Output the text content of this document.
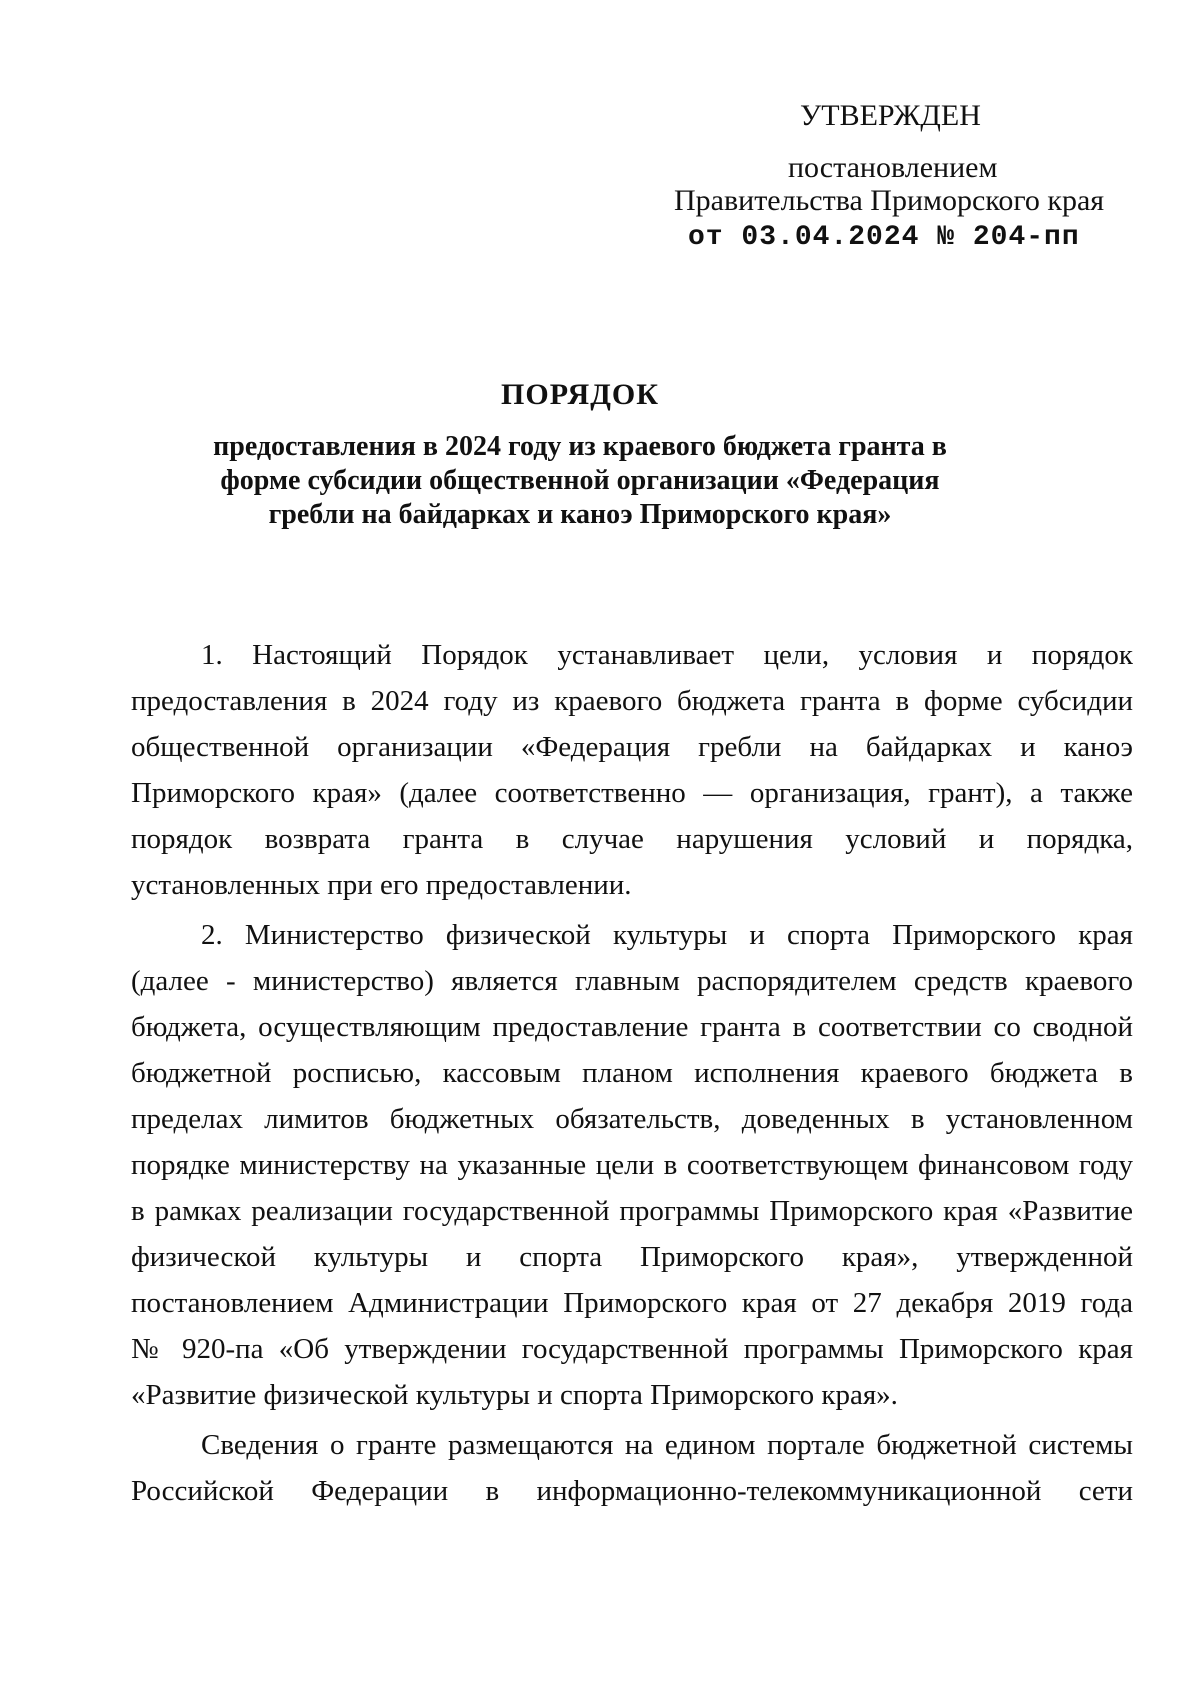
УТВЕРЖДЕН
постановлением
Правительства Приморского края
от 03.04.2024 № 204-пп
ПОРЯДОК
предоставления в 2024 году из краевого бюджета гранта в
форме субсидии общественной организации «Федерация
гребли на байдарках и каноэ Приморского края»
1. Настоящий Порядок устанавливает цели, условия и порядок
предоставления в 2024 году из краевого бюджета гранта в форме субсидии
общественной организации «Федерация гребли на байдарках и каноэ
Приморского края» (далее соответственно — организация, грант), а также
порядок возврата гранта в случае нарушения условий и порядка,
установленных при его предоставлении.
2. Министерство физической культуры и спорта Приморского края
(далее - министерство) является главным распорядителем средств краевого
бюджета, осуществляющим предоставление гранта в соответствии со сводной
бюджетной росписью, кассовым планом исполнения краевого бюджета в
пределах лимитов бюджетных обязательств, доведенных в установленном
порядке министерству на указанные цели в соответствующем финансовом году
в рамках реализации государственной программы Приморского края «Развитие
физической культуры и спорта Приморского края», утвержденной
постановлением Администрации Приморского края от 27 декабря 2019 года
№ 920-па «Об утверждении государственной программы Приморского края
«Развитие физической культуры и спорта Приморского края».
Сведения о гранте размещаются на едином портале бюджетной системы
Российской Федерации в информационно-телекоммуникационной сети
